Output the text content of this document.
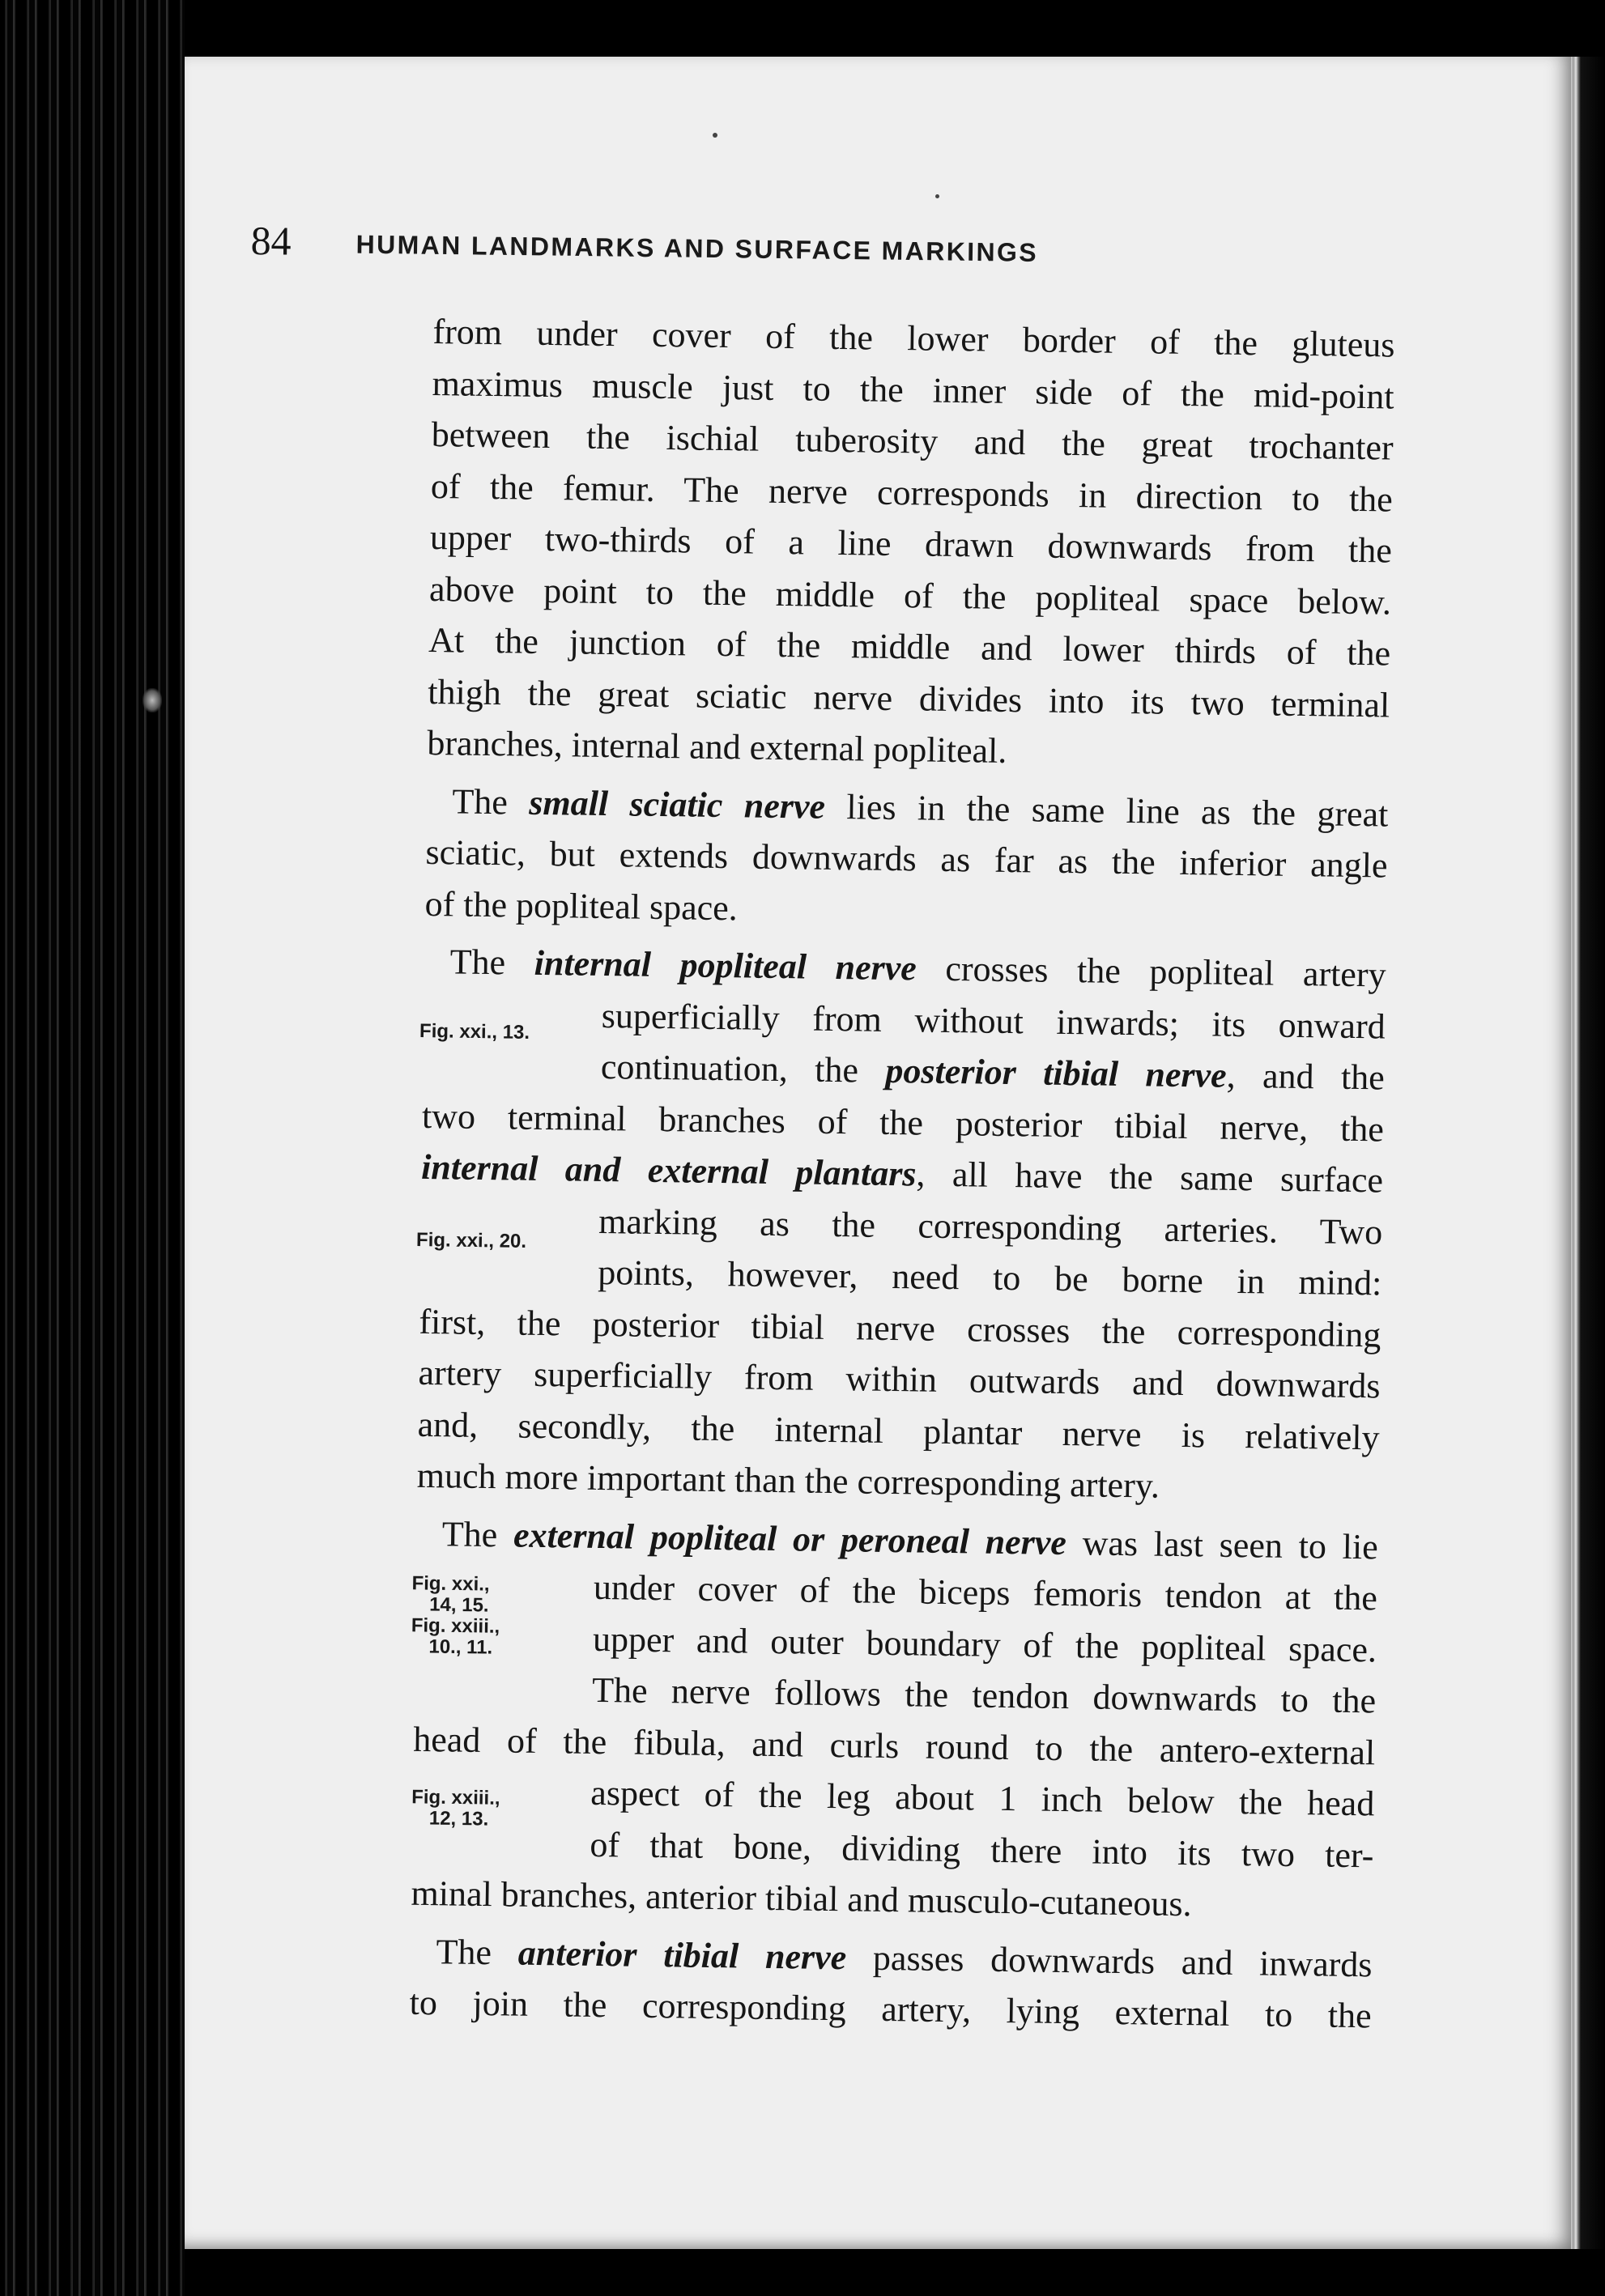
84 HUMAN LANDMARKS AND SURFACE MARKINGS
from under cover of the lower border of the gluteus
maximus muscle just to the inner side of the mid-point
between the ischial tuberosity and the great trochanter
of the femur. The nerve corresponds in direction to the
upper two-thirds of a line drawn downwards from the
above point to the middle of the popliteal space below.
At the junction of the middle and lower thirds of the
thigh the great sciatic nerve divides into its two terminal
branches, internal and external popliteal.
The small sciatic nerve lies in the same line as the great
sciatic, but extends downwards as far as the inferior angle
of the popliteal space.
The internal popliteal nerve crosses the popliteal artery
superficially from without inwards; its onward
continuation, the posterior tibial nerve, and the
two terminal branches of the posterior tibial nerve, the
internal and external plantars, all have the same surface
marking as the corresponding arteries. Two
points, however, need to be borne in mind:
first, the posterior tibial nerve crosses the corresponding
artery superficially from within outwards and downwards
and, secondly, the internal plantar nerve is relatively
much more important than the corresponding artery.
The external popliteal or peroneal nerve was last seen to lie
under cover of the biceps femoris tendon at the
upper and outer boundary of the popliteal space.
The nerve follows the tendon downwards to the
head of the fibula, and curls round to the antero-external
aspect of the leg about 1 inch below the head
of that bone, dividing there into its two ter-
minal branches, anterior tibial and musculo-cutaneous.
The anterior tibial nerve passes downwards and inwards
to join the corresponding artery, lying external to the
Fig. xxi., 13.
Fig. xxi., 20.
Fig. xxi.,
14, 15.
Fig. xxiii.,
10., 11.
Fig. xxiii.,
12, 13.
